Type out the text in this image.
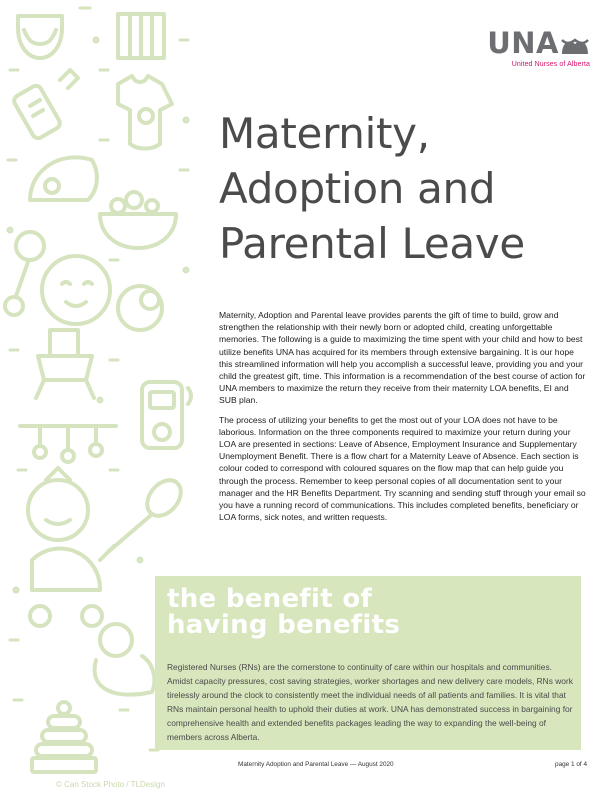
UNA
United Nurses of Alberta
Maternity,
Adoption and
Parental Leave

Maternity, Adoption and Parental leave provides parents the gift of time to build, grow and strengthen the relationship with their newly born or adopted child, creating unforgettable memories. The following is a guide to maximizing the time spent with your child and how to best utilize benefits UNA has acquired for its members through extensive bargaining. It is our hope this streamlined information will help you accomplish a successful leave, providing you and your child the greatest gift, time. This information is a recommendation of the best course of action for UNA members to maximize the return they receive from their maternity LOA benefits, EI and SUB plan.

The process of utilizing your benefits to get the most out of your LOA does not have to be laborious. Information on the three components required to maximize your return during your LOA are presented in sections: Leave of Absence, Employment Insurance and Supplementary Unemployment Benefit. There is a flow chart for a Maternity Leave of Absence. Each section is colour coded to correspond with coloured squares on the flow map that can help guide you through the process. Remember to keep personal copies of all documentation sent to your manager and the HR Benefits Department. Try scanning and sending stuff through your email so you have a running record of communications. This includes completed benefits, beneficiary or LOA forms, sick notes, and written requests.

the benefit of
having benefits

Registered Nurses (RNs) are the cornerstone to continuity of care within our hospitals and communities. Amidst capacity pressures, cost saving strategies, worker shortages and new delivery care models, RNs work tirelessly around the clock to consistently meet the individual needs of all patients and families. It is vital that RNs maintain personal health to uphold their duties at work. UNA has demonstrated success in bargaining for comprehensive health and extended benefits packages leading the way to expanding the well-being of members across Alberta.

Maternity Adoption and Parental Leave — August 2020	page 1 of 4
© Can Stock Photo / TLDesign
